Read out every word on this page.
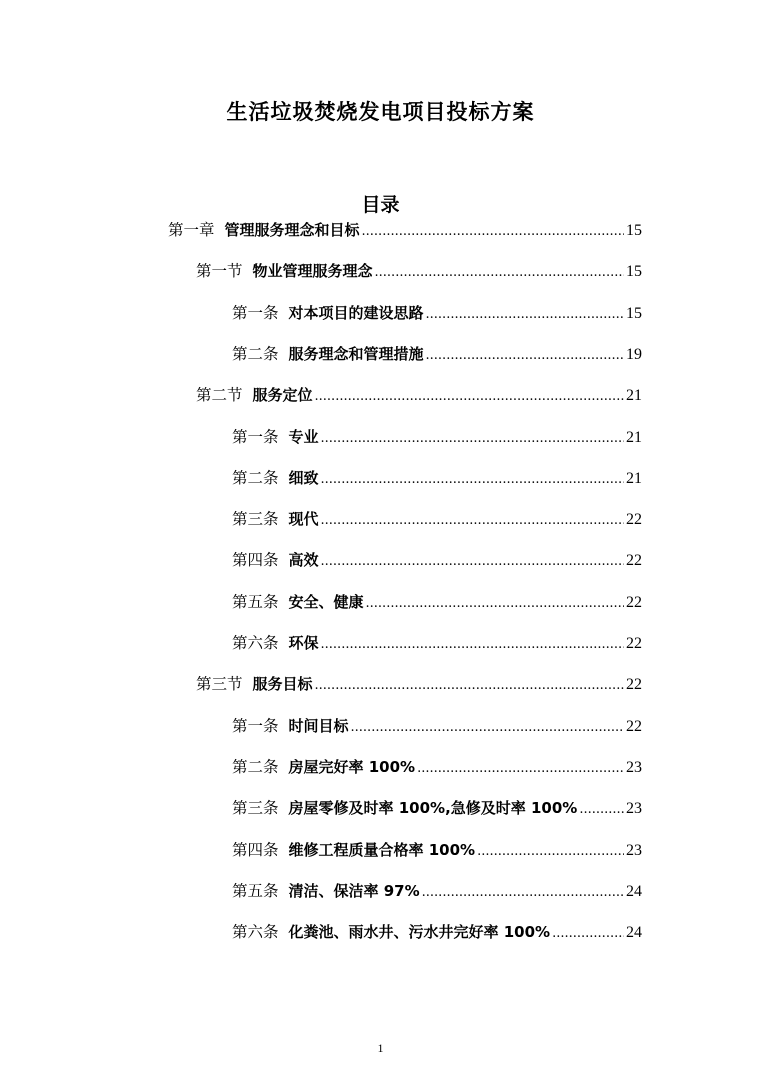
生活垃圾焚烧发电项目投标方案
目录
第一章 管理服务理念和目标 .....	15
第一节 物业管理服务理念 .....	15
第一条 对本项目的建设思路 .....	15
第二条 服务理念和管理措施 .....	19
第二节 服务定位 .....	21
第一条 专业 .....	21
第二条 细致 .....	21
第三条 现代 .....	22
第四条 高效 .....	22
第五条 安全、健康 .....	22
第六条 环保 .....	22
第三节 服务目标 .....	22
第一条 时间目标 .....	22
第二条 房屋完好率 100% .....	23
第三条 房屋零修及时率 100%,急修及时率 100% .....	23
第四条 维修工程质量合格率 100% .....	23
第五条 清洁、保洁率 97% .....	24
第六条 化粪池、雨水井、污水井完好率 100% .....	24
1
